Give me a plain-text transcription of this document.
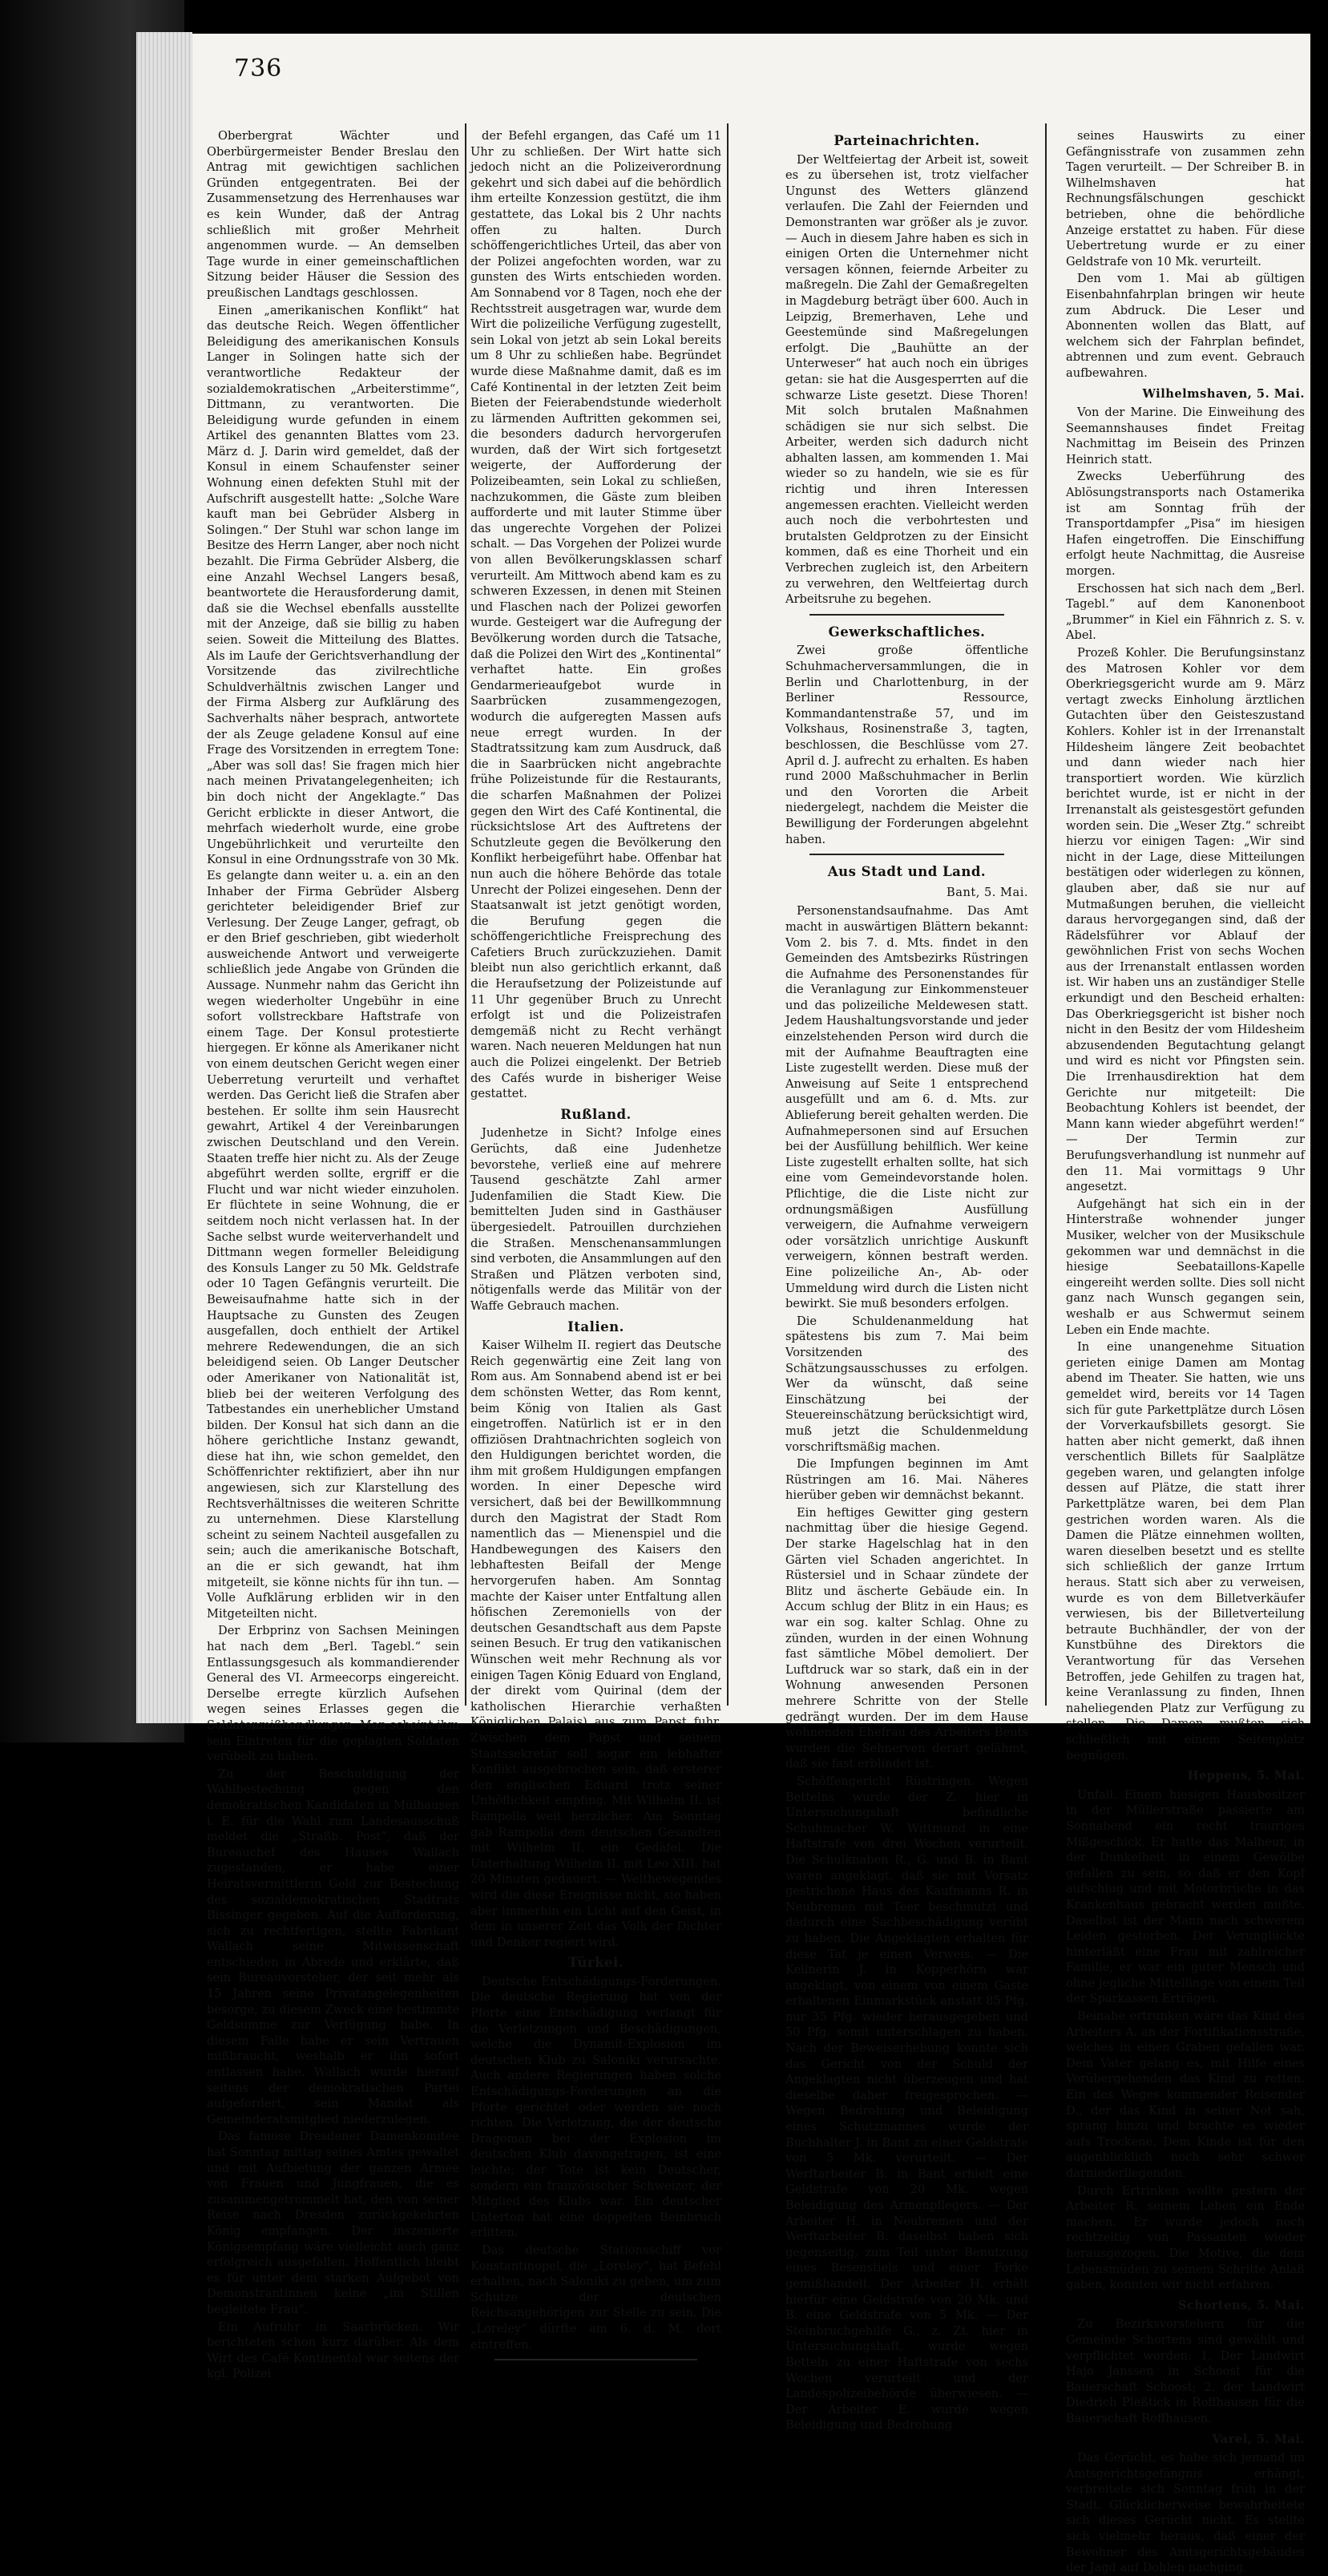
736

Oberbergrat Wächter und Oberbürgermeister Bender Breslau den Antrag mit gewichtigen sachlichen Gründen entgegentraten. Bei der Zusammensetzung des Herrenhauses war es kein Wunder, daß der Antrag schließlich mit großer Mehrheit angenommen wurde. — An demselben Tage wurde in einer gemeinschaftlichen Sitzung beider Häuser die Session des preußischen Landtags geschlossen.

Einen „amerikanischen Konflikt“ hat das deutsche Reich. Wegen öffentlicher Beleidigung des amerikanischen Konsuls Langer in Solingen hatte sich der verantwortliche Redakteur der sozialdemokratischen „Arbeiterstimme“, Dittmann, zu verantworten. Die Beleidigung wurde gefunden in einem Artikel des genannten Blattes vom 23. März d. J. Darin wird gemeldet, daß der Konsul in einem Schaufenster seiner Wohnung einen defekten Stuhl mit der Aufschrift ausgestellt hatte: „Solche Ware kauft man bei Gebrüder Alsberg in Solingen.“ Der Stuhl war schon lange im Besitze des Herrn Langer, aber noch nicht bezahlt. Die Firma Gebrüder Alsberg, die eine Anzahl Wechsel Langers besaß, beantwortete die Herausforderung damit, daß sie die Wechsel ebenfalls ausstellte mit der Anzeige, daß sie billig zu haben seien. Soweit die Mitteilung des Blattes. Als im Laufe der Gerichtsverhandlung der Vorsitzende das zivilrechtliche Schuldverhältnis zwischen Langer und der Firma Alsberg zur Aufklärung des Sachverhalts näher besprach, antwortete der als Zeuge geladene Konsul auf eine Frage des Vorsitzenden in erregtem Tone: „Aber was soll das! Sie fragen mich hier nach meinen Privatangelegenheiten; ich bin doch nicht der Angeklagte.“ Das Gericht erblickte in dieser Antwort, die mehrfach wiederholt wurde, eine grobe Ungebührlichkeit und verurteilte den Konsul in eine Ordnungsstrafe von 30 Mk. Es gelangte dann weiter u. a. ein an den Inhaber der Firma Gebrüder Alsberg gerichteter beleidigender Brief zur Verlesung. Der Zeuge Langer, gefragt, ob er den Brief geschrieben, gibt wiederholt ausweichende Antwort und verweigerte schließlich jede Angabe von Gründen die Aussage. Nunmehr nahm das Gericht ihn wegen wiederholter Ungebühr in eine sofort vollstreckbare Haftstrafe von einem Tage. Der Konsul protestierte hiergegen. Er könne als Amerikaner nicht von einem deutschen Gericht wegen einer Ueberretung verurteilt und verhaftet werden. Das Gericht ließ die Strafen aber bestehen. Er sollte ihm sein Hausrecht gewahrt, Artikel 4 der Vereinbarungen zwischen Deutschland und den Verein. Staaten treffe hier nicht zu. Als der Zeuge abgeführt werden sollte, ergriff er die Flucht und war nicht wieder einzuholen. Er flüchtete in seine Wohnung, die er seitdem noch nicht verlassen hat. In der Sache selbst wurde weiterverhandelt und Dittmann wegen formeller Beleidigung des Konsuls Langer zu 50 Mk. Geldstrafe oder 10 Tagen Gefängnis verurteilt. Die Beweisaufnahme hatte sich in der Hauptsache zu Gunsten des Zeugen ausgefallen, doch enthielt der Artikel mehrere Redewendungen, die an sich beleidigend seien. Ob Langer Deutscher oder Amerikaner von Nationalität ist, blieb bei der weiteren Verfolgung des Tatbestandes ein unerheblicher Umstand bilden. Der Konsul hat sich dann an die höhere gerichtliche Instanz gewandt, diese hat ihn, wie schon gemeldet, den Schöffenrichter rektifiziert, aber ihn nur angewiesen, sich zur Klarstellung des Rechtsverhältnisses die weiteren Schritte zu unternehmen. Diese Klarstellung scheint zu seinem Nachteil ausgefallen zu sein; auch die amerikanische Botschaft, an die er sich gewandt, hat ihm mitgeteilt, sie könne nichts für ihn tun. — Volle Aufklärung erbliden wir in den Mitgeteilten nicht.

Der Erbprinz von Sachsen Meiningen hat nach dem „Berl. Tagebl.“ sein Entlassungsgesuch als kommandierender General des VI. Armeecorps eingereicht. Derselbe erregte kürzlich Aufsehen wegen seines Erlasses gegen die Soldatenmißhandlungen. Man scheint ihm sein Eintreten für die geplagten Soldaten verübelt zu haben.

Zu der Beschuldigung der Wahlbestechung gegen den demokratischen Kandidaten in Mülhausen i. E. für die Wahl zum Landesausschuß meldet die „Straßb. Post“, daß der Bureauchef des Hauses Wallach zugestanden, er habe einer Heiratsvermittlerin Geld zur Bestechung des sozialdemokratischen Stadtrats Bissinger gegeben. Auf die Aufforderung, sich zu rechtfertigen, stellte Fabrikant Wallach seine Mitwissenschaft entschieden in Abrede und erklärte, daß sein Bureauvorsteher, der seit mehr als 15 Jahren seine Privatangelegenheiten besorge, zu diesem Zweck eine bestimmte Geldsumme zur Verfügung habe. In diesem Falle habe er sein Vertrauen mißbraucht, weshalb er ihn sofort entlassen habe. Wallach wurde hierauf seitens der demokratischen Partei aufgefordert, sein Mandat als Gemeinderatsmitglied niederzulegen.

Das famose Dresdener Damenkomitee hat Sonntag mittag seines Amtes gewaltet und mit Aufbietung der ganzen Armee von Frauen und Jungfrauen, die es zusammengetrommelt hat, den von seiner Reise nach Dresden zurückgekehrten König empfangen. Der inszenierte Königsempfang wäre vielleicht auch ganz erfolgreich ausgefallen. Hoffentlich bleibt es für unter dem starken Aufgebot von Demonstrantinnen keine „im Stillen begleitete Frau“.

Ein Aufruhr in Saarbrücken. Wir berichteten schon kurz darüber. Als dem Wirt des Café Kontinental war seitens der kgl. Polizei

der Befehl ergangen, das Café um 11 Uhr zu schließen. Der Wirt hatte sich jedoch nicht an die Polizeiverordnung gekehrt und sich dabei auf die behördlich ihm erteilte Konzession gestützt, die ihm gestattete, das Lokal bis 2 Uhr nachts offen zu halten. Durch schöffengerichtliches Urteil, das aber von der Polizei angefochten worden, war zu gunsten des Wirts entschieden worden. Am Sonnabend vor 8 Tagen, noch ehe der Rechtsstreit ausgetragen war, wurde dem Wirt die polizeiliche Verfügung zugestellt, sein Lokal von jetzt ab sein Lokal bereits um 8 Uhr zu schließen habe. Begründet wurde diese Maßnahme damit, daß es im Café Kontinental in der letzten Zeit beim Bieten der Feierabendstunde wiederholt zu lärmenden Auftritten gekommen sei, die besonders dadurch hervorgerufen wurden, daß der Wirt sich fortgesetzt weigerte, der Aufforderung der Polizeibeamten, sein Lokal zu schließen, nachzukommen, die Gäste zum bleiben aufforderte und mit lauter Stimme über das ungerechte Vorgehen der Polizei schalt. — Das Vorgehen der Polizei wurde von allen Bevölkerungsklassen scharf verurteilt. Am Mittwoch abend kam es zu schweren Exzessen, in denen mit Steinen und Flaschen nach der Polizei geworfen wurde. Gesteigert war die Aufregung der Bevölkerung worden durch die Tatsache, daß die Polizei den Wirt des „Kontinental“ verhaftet hatte. Ein großes Gendarmerieaufgebot wurde in Saarbrücken zusammengezogen, wodurch die aufgeregten Massen aufs neue erregt wurden. In der Stadtratssitzung kam zum Ausdruck, daß die in Saarbrücken nicht angebrachte frühe Polizeistunde für die Restaurants, die scharfen Maßnahmen der Polizei gegen den Wirt des Café Kontinental, die rücksichtslose Art des Auftretens der Schutzleute gegen die Bevölkerung den Konflikt herbeigeführt habe. Offenbar hat nun auch die höhere Behörde das totale Unrecht der Polizei eingesehen. Denn der Staatsanwalt ist jetzt genötigt worden, die Berufung gegen die schöffengerichtliche Freisprechung des Cafetiers Bruch zurückzuziehen. Damit bleibt nun also gerichtlich erkannt, daß die Heraufsetzung der Polizeistunde auf 11 Uhr gegenüber Bruch zu Unrecht erfolgt ist und die Polizeistrafen demgemäß nicht zu Recht verhängt waren. Nach neueren Meldungen hat nun auch die Polizei eingelenkt. Der Betrieb des Cafés wurde in bisheriger Weise gestattet.

Rußland.

Judenhetze in Sicht? Infolge eines Gerüchts, daß eine Judenhetze bevorstehe, verließ eine auf mehrere Tausend geschätzte Zahl armer Judenfamilien die Stadt Kiew. Die bemittelten Juden sind in Gasthäuser übergesiedelt. Patrouillen durchziehen die Straßen. Menschenansammlungen sind verboten, die Ansammlungen auf den Straßen und Plätzen verboten sind, nötigenfalls werde das Militär von der Waffe Gebrauch machen.

Italien.

Kaiser Wilhelm II. regiert das Deutsche Reich gegenwärtig eine Zeit lang von Rom aus. Am Sonnabend abend ist er bei dem schönsten Wetter, das Rom kennt, beim König von Italien als Gast eingetroffen. Natürlich ist er in den offiziösen Drahtnachrichten sogleich von den Huldigungen berichtet worden, die ihm mit großem Huldigungen empfangen worden. In einer Depesche wird versichert, daß bei der Bewillkommnung durch den Magistrat der Stadt Rom namentlich das — Mienenspiel und die Handbewegungen des Kaisers den lebhaftesten Beifall der Menge hervorgerufen haben. Am Sonntag machte der Kaiser unter Entfaltung allen höfischen Zeremoniells von der deutschen Gesandtschaft aus dem Papste seinen Besuch. Er trug den vatikanischen Wünschen weit mehr Rechnung als vor einigen Tagen König Eduard von England, der direkt vom Quirinal (dem der katholischen Hierarchie verhaßten Königlichen Palais) aus zum Papst fuhr. Zwischen dem Papst und seinem Staatssekretär soll sogar ein lebhafter Konflikt ausgebrochen sein, daß ersterer den englischen Eduard trotz seiner Unhöflichkeit empfing. Mit Wilhelm II. ist Rampolla weit herzlicher. Am Sonntag gab Rampolla dem deutschen Gesandten mit Wilhelm II. ein Gedäfel. Die Unterhaltung Wilhelm II. mit Leo XIII. hat 20 Minuten gedauert. — Welthewegendes wird die diese Ereignisse nicht, sie haben aber immerhin ein Licht auf den Geist, in dem in unserer Zeit das Volk der Dichter und Denker regiert wird.

Türkei.

Deutsche Entschädigungs-Forderungen. Die deutsche Regierung hat von der Pforte eine Entschädigung verlangt für die Verletzungen und Beschädigungen, welche die Dynamit-Explosion im deutschen Klub zu Saloniki verursachte. Auch andere Regierungen haben solche Entschädigungs-Forderungen an die Pforte gerichtet oder werden sie noch richten. Die Verletzung, die der deutsche Dragoman bei der Explosion im deutschen Klub davongetragen, ist eine leichte; der Tote ist kein Deutscher, sondern ein französischer Schweizer, der Mitglied des Klubs war. Ein deutscher Unterton hat eine doppelten Beinbruch erlitten.

Das deutsche Stationsschiff vor Konstantinopel, die „Loreley“, hat Befehl erhalten, nach Saloniki zu gehen, um zum Schutze der deutschen Reichsangehörigen zur Stelle zu sein. Die „Loreley“ dürfte am 6. d. M. dort eintreffen.

Parteinachrichten.

Der Weltfeiertag der Arbeit ist, soweit es zu übersehen ist, trotz vielfacher Ungunst des Wetters glänzend verlaufen. Die Zahl der Feiernden und Demonstranten war größer als je zuvor. — Auch in diesem Jahre haben es sich in einigen Orten die Unternehmer nicht versagen können, feiernde Arbeiter zu maßregeln. Die Zahl der Gemaßregelten in Magdeburg beträgt über 600. Auch in Leipzig, Bremerhaven, Lehe und Geestemünde sind Maßregelungen erfolgt. Die „Bauhütte an der Unterweser“ hat auch noch ein übriges getan: sie hat die Ausgesperrten auf die schwarze Liste gesetzt. Diese Thoren! Mit solch brutalen Maßnahmen schädigen sie nur sich selbst. Die Arbeiter, werden sich dadurch nicht abhalten lassen, am kommenden 1. Mai wieder so zu handeln, wie sie es für richtig und ihren Interessen angemessen erachten. Vielleicht werden auch noch die verbohrtesten und brutalsten Geldprotzen zu der Einsicht kommen, daß es eine Thorheit und ein Verbrechen zugleich ist, den Arbeitern zu verwehren, den Weltfeiertag durch Arbeitsruhe zu begehen.

Gewerkschaftliches.

Zwei große öffentliche Schuhmacherversammlungen, die in Berlin und Charlottenburg, in der Berliner Ressource, Kommandantenstraße 57, und im Volkshaus, Rosinenstraße 3, tagten, beschlossen, die Beschlüsse vom 27. April d. J. aufrecht zu erhalten. Es haben rund 2000 Maßschuhmacher in Berlin und den Vororten die Arbeit niedergelegt, nachdem die Meister die Bewilligung der Forderungen abgelehnt haben.

Aus Stadt und Land.

Bant, 5. Mai.

Personenstandsaufnahme. Das Amt macht in auswärtigen Blättern bekannt: Vom 2. bis 7. d. Mts. findet in den Gemeinden des Amtsbezirks Rüstringen die Aufnahme des Personenstandes für die Veranlagung zur Einkommensteuer und das polizeiliche Meldewesen statt. Jedem Haushaltungsvorstande und jeder einzelstehenden Person wird durch die mit der Aufnahme Beauftragten eine Liste zugestellt werden. Diese muß der Anweisung auf Seite 1 entsprechend ausgefüllt und am 6. d. Mts. zur Ablieferung bereit gehalten werden. Die Aufnahmepersonen sind auf Ersuchen bei der Ausfüllung behilflich. Wer keine Liste zugestellt erhalten sollte, hat sich eine vom Gemeindevorstande holen. Pflichtige, die die Liste nicht zur ordnungsmäßigen Ausfüllung verweigern, die Aufnahme verweigern oder vorsätzlich unrichtige Auskunft verweigern, können bestraft werden. Eine polizeiliche An-, Ab- oder Ummeldung wird durch die Listen nicht bewirkt. Sie muß besonders erfolgen.

Die Schuldenanmeldung hat spätestens bis zum 7. Mai beim Vorsitzenden des Schätzungsausschusses zu erfolgen. Wer da wünscht, daß seine Einschätzung bei der Steuereinschätzung berücksichtigt wird, muß jetzt die Schuldenmeldung vorschriftsmäßig machen.

Die Impfungen beginnen im Amt Rüstringen am 16. Mai. Näheres hierüber geben wir demnächst bekannt.

Ein heftiges Gewitter ging gestern nachmittag über die hiesige Gegend. Der starke Hagelschlag hat in den Gärten viel Schaden angerichtet. In Rüstersiel und in Schaar zündete der Blitz und äscherte Gebäude ein. In Accum schlug der Blitz in ein Haus; es war ein sog. kalter Schlag. Ohne zu zünden, wurden in der einen Wohnung fast sämtliche Möbel demoliert. Der Luftdruck war so stark, daß ein in der Wohnung anwesenden Personen mehrere Schritte von der Stelle gedrängt wurden. Der im dem Hause wohnenden Ehefrau des Arbeiters Beuts wurden die Sehnerven derart gelähmt, daß sie fast erblindet ist.

Schöffengericht Rüstringen. Wegen Bettelns wurde der Z. hier in Untersuchungshaft befindliche Schuhmacher W. Wittmund in eine Haftstrafe von drei Wochen verurteilt. Die Schulknaben R., G. und B. in Bant waren angeklagt, daß sie mit Vorsatz gestrichene Haus des Kaufmanns R. in Neubremen mit Teer beschmutzt und dadurch eine Sachbeschädigung verübt zu haben. Die Angeklagten erhalten für diese Tat je einen Verweis. — Die Kellnerin J. in Kopperhörn war angeklagt, von einem von einem Gaste erhaltenen Einmarkstück anstatt 85 Pfg. nur 35 Pfg. wieder herausgegeben und 50 Pfg. somit unterschlagen zu haben. Nach der Beweiserhebung konnte sich das Gericht von der Schuld der Angeklagten nicht überzeugen und hat dieselbe daher freigesprochen. — Wegen Bedrohung und Beleidigung eines Schutzmannes wurde der Buchhalter J. in Bant zu einer Geldstrafe von 5 Mk. verurteilt. — Der Werftarbeiter B. in Bant erhielt eine Geldstrafe von 20 Mk. wegen Beleidigung des Armenpflegers. — Der Arbeiter H. in Neubremen und der Werftarbeiter B. daselbst haben sich gegenseitig, zum Teil unter Benutzung eines Besenstiels und einer Forke gemißhandelt. Der Arbeiter H. erhält hierfür eine Geldstrafe von 20 Mk. und B. eine Geldstrafe von 5 Mk. — Der Steinbruchgehilfe G., z. Zt. hier in Untersuchungshaft, wurde wegen Betteln zu einer Haftstrafe von sechs Wochen verurteilt und der Landespolizeibehörde überwiesen. — Der Arbeiter E. wurde wegen Beleidigung und Bedrohung

seines Hauswirts zu einer Gefängnisstrafe von zusammen zehn Tagen verurteilt. — Der Schreiber B. in Wilhelmshaven hat Rechnungsfälschungen geschickt betrieben, ohne die behördliche Anzeige erstattet zu haben. Für diese Uebertretung wurde er zu einer Geldstrafe von 10 Mk. verurteilt.

Den vom 1. Mai ab gültigen Eisenbahnfahrplan bringen wir heute zum Abdruck. Die Leser und Abonnenten wollen das Blatt, auf welchem sich der Fahrplan befindet, abtrennen und zum event. Gebrauch aufbewahren.

Wilhelmshaven, 5. Mai.

Von der Marine. Die Einweihung des Seemannshauses findet Freitag Nachmittag im Beisein des Prinzen Heinrich statt.

Zwecks Ueberführung des Ablösungstransports nach Ostamerika ist am Sonntag früh der Transportdampfer „Pisa“ im hiesigen Hafen eingetroffen. Die Einschiffung erfolgt heute Nachmittag, die Ausreise morgen.

Erschossen hat sich nach dem „Berl. Tagebl.“ auf dem Kanonenboot „Brummer“ in Kiel ein Fähnrich z. S. v. Abel.

Prozeß Kohler. Die Berufungsinstanz des Matrosen Kohler vor dem Oberkriegsgericht wurde am 9. März vertagt zwecks Einholung ärztlichen Gutachten über den Geisteszustand Kohlers. Kohler ist in der Irrenanstalt Hildesheim längere Zeit beobachtet und dann wieder nach hier transportiert worden. Wie kürzlich berichtet wurde, ist er nicht in der Irrenanstalt als geistesgestört gefunden worden sein. Die „Weser Ztg.“ schreibt hierzu vor einigen Tagen: „Wir sind nicht in der Lage, diese Mitteilungen bestätigen oder widerlegen zu können, glauben aber, daß sie nur auf Mutmaßungen beruhen, die vielleicht daraus hervorgegangen sind, daß der Rädelsführer vor Ablauf der gewöhnlichen Frist von sechs Wochen aus der Irrenanstalt entlassen worden ist. Wir haben uns an zuständiger Stelle erkundigt und den Bescheid erhalten: Das Oberkriegsgericht ist bisher noch nicht in den Besitz der vom Hildesheim abzusendenden Begutachtung gelangt und wird es nicht vor Pfingsten sein. Die Irrenhausdirektion hat dem Gerichte nur mitgeteilt: Die Beobachtung Kohlers ist beendet, der Mann kann wieder abgeführt werden!“ — Der Termin zur Berufungsverhandlung ist nunmehr auf den 11. Mai vormittags 9 Uhr angesetzt.

Aufgehängt hat sich ein in der Hinterstraße wohnender junger Musiker, welcher von der Musikschule gekommen war und demnächst in die hiesige Seebataillons-Kapelle eingereiht werden sollte. Dies soll nicht ganz nach Wunsch gegangen sein, weshalb er aus Schwermut seinem Leben ein Ende machte.

In eine unangenehme Situation gerieten einige Damen am Montag abend im Theater. Sie hatten, wie uns gemeldet wird, bereits vor 14 Tagen sich für gute Parkettplätze durch Lösen der Vorverkaufsbillets gesorgt. Sie hatten aber nicht gemerkt, daß ihnen verschentlich Billets für Saalplätze gegeben waren, und gelangten infolge dessen auf Plätze, die statt ihrer Parkettplätze waren, bei dem Plan gestrichen worden waren. Als die Damen die Plätze einnehmen wollten, waren dieselben besetzt und es stellte sich schließlich der ganze Irrtum heraus. Statt sich aber zu verweisen, wurde es von dem Billetverkäufer verwiesen, bis der Billetverteilung betraute Buchhändler, der von der Kunstbühne des Direktors die Verantwortung für das Versehen Betroffen, jede Gehilfen zu tragen hat, keine Veranlassung zu finden, Ihnen naheliegenden Platz zur Verfügung zu stellen. Die Damen mußten sich schließlich mit einem Seitenplatz begnügen.

Heppens, 5. Mai.

Unfall. Einem hiesigen Hausbesitzer in der Müllerstraße passierte am Sonnabend ein recht trauriges Mißgeschick. Er hatte das Malheur, in der Dunkelheit in einem Gewölbe gefallen zu sein, so daß er den Kopf aufschlug und mit Motorbrüche in das Krankenhaus gebracht werden mußte. Daselbst ist der Mann nach schwerem Leiden gestorben. Der Verunglückte hinterläßt eine Frau mit zahlreicher Familie, er war ein guter Mensch und ohne jegliche Mittellinge von einem Teil der Sparkassen Erträgen.

Beinahe ertrunken wäre das Kind des Arbeiters A. an der Fortifikationsstraße, welches in einen Graben gefallen war. Dem Vater gelang es, mit Hilfe eines Vorübergehenden das Kind zu retten. Ein des Weges kommender Reisender D., der das Kind in seiner Not sah, sprang hinzu und brachte es wieder aufs Trockene. Dem Kinde ist für den augenblicklich noch sehr schwer darniederliegenden.

Durch Ertrinken wollte gestern der Arbeiter R. seinem Leben ein Ende machen. Er wurde jedoch noch rechtzeitig von Passanten wieder herausgezogen. Die Motive, die dem Lebensmüden zu seinem Schritte Anlaß gaben, konnten wir nicht erfahren.

Schortens, 5. Mai.

Zu Bezirksvorstehern für die Gemeinde Schortens sind gewählt und verpflichtet worden: 1. Der Landwirt Hajo Janssen in Schoost für die Bauerschaft Schoost; 2. der Landwirt Diedrich Pleßtick in Roffhausen für die Bauerschaft Roffhausen.

Varel, 5. Mai.

Das Gerücht, es habe sich jemand im Amtsgerichtsgefängnis erhängt, verbreitete sich Sonntag früh in der Stadt. Glücklicherweise bewahrheitete sich dieses Gerücht nicht. Es stellte sich vielmehr heraus, daß einer der Bewohner des Amtsgerichtsgebäudes der Jagd auf Dohlen nachging.
